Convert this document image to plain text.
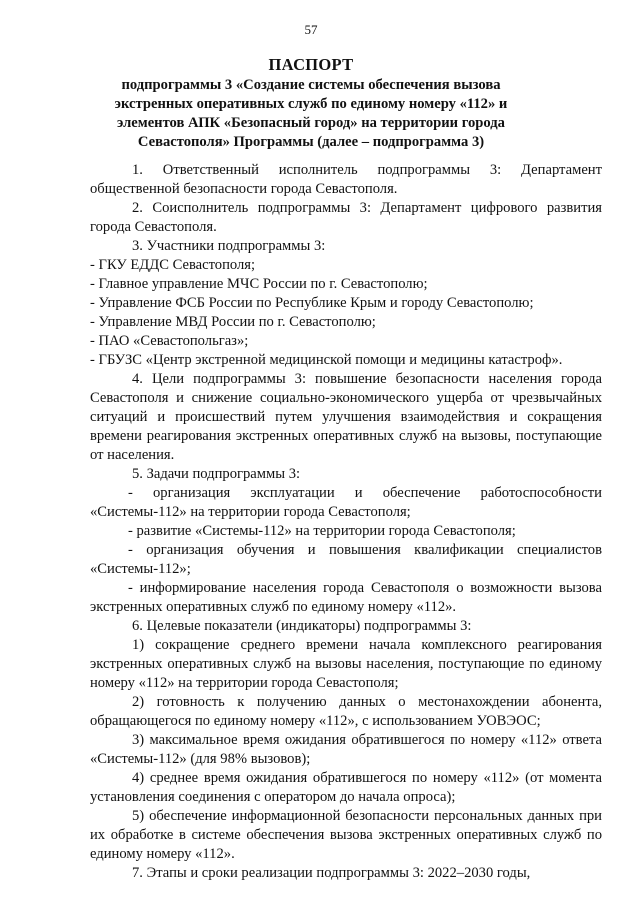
57
ПАСПОРТ
подпрограммы 3 «Создание системы обеспечения вызова экстренных оперативных служб по единому номеру «112» и элементов АПК «Безопасный город» на территории города Севастополя» Программы (далее – подпрограмма 3)

1. Ответственный исполнитель подпрограммы 3: Департамент общественной безопасности города Севастополя.

2. Соисполнитель подпрограммы 3: Департамент цифрового развития города Севастополя.

3. Участники подпрограммы 3:

- ГКУ ЕДДС Севастополя;

- Главное управление МЧС России по г. Севастополю;

- Управление ФСБ России по Республике Крым и городу Севастополю;

- Управление МВД России по г. Севастополю;

- ПАО «Севастопольгаз»;

- ГБУЗС «Центр экстренной медицинской помощи и медицины катастроф».

4. Цели подпрограммы 3: повышение безопасности населения города Севастополя и снижение социально-экономического ущерба от чрезвычайных ситуаций и происшествий путем улучшения взаимодействия и сокращения времени реагирования экстренных оперативных служб на вызовы, поступающие от населения.

5. Задачи подпрограммы 3:

- организация эксплуатации и обеспечение работоспособности «Системы-112» на территории города Севастополя;

- развитие «Системы-112» на территории города Севастополя;

- организация обучения и повышения квалификации специалистов «Системы-112»;

- информирование населения города Севастополя о возможности вызова экстренных оперативных служб по единому номеру «112».

6. Целевые показатели (индикаторы) подпрограммы 3:

1) сокращение среднего времени начала комплексного реагирования экстренных оперативных служб на вызовы населения, поступающие по единому номеру «112» на территории города Севастополя;

2) готовность к получению данных о местонахождении абонента, обращающегося по единому номеру «112», с использованием УОВЭОС;

3) максимальное время ожидания обратившегося по номеру «112» ответа «Системы-112» (для 98% вызовов);

4) среднее время ожидания обратившегося по номеру «112» (от момента установления соединения с оператором до начала опроса);

5) обеспечение информационной безопасности персональных данных при их обработке в системе обеспечения вызова экстренных оперативных служб по единому номеру «112».

7. Этапы и сроки реализации подпрограммы 3: 2022–2030 годы,
